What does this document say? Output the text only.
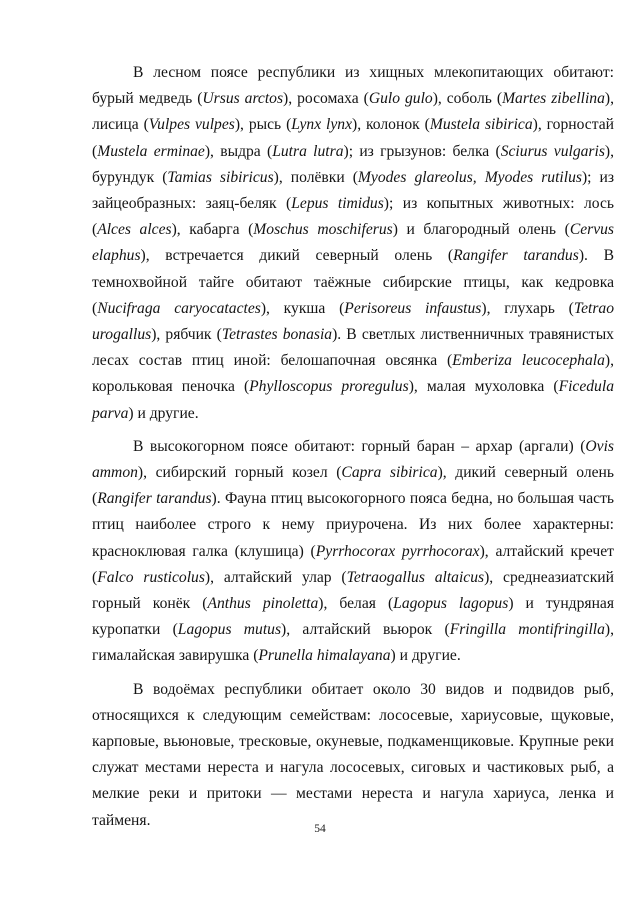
В лесном поясе республики из хищных млекопитающих обитают: бурый медведь (Ursus arctos), росомаха (Gulo gulo), соболь (Martes zibellina), лисица (Vulpes vulpes), рысь (Lynx lynx), колонок (Mustela sibirica), горностай (Mustela erminae), выдра (Lutra lutra); из грызунов: белка (Sciurus vulgaris), бурундук (Tamias sibiricus), полёвки (Myodes glareolus, Myodes rutilus); из зайцеобразных: заяц-беляк (Lepus timidus); из копытных животных: лось (Alces alces), кабарга (Moschus moschiferus) и благородный олень (Cervus elaphus), встречается дикий северный олень (Rangifer tarandus). В темнохвойной тайге обитают таёжные сибирские птицы, как кедровка (Nucifraga caryocatactes), кукша (Perisoreus infaustus), глухарь (Tetrao urogallus), рябчик (Tetrastes bonasia). В светлых лиственничных травянистых лесах состав птиц иной: белошапочная овсянка (Emberiza leucocephala), корольковая пеночка (Phylloscopus proregulus), малая мухоловка (Ficedula parva) и другие.

В высокогорном поясе обитают: горный баран – архар (аргали) (Ovis ammon), сибирский горный козел (Capra sibirica), дикий северный олень (Rangifer tarandus). Фауна птиц высокогорного пояса бедна, но большая часть птиц наиболее строго к нему приурочена. Из них более характерны: красноклювая галка (клушица) (Pyrrhocorax pyrrhocorax), алтайский кречет (Falco rusticolus), алтайский улар (Tetraogallus altaicus), среднеазиатский горный конёк (Anthus pinoletta), белая (Lagopus lagopus) и тундряная куропатки (Lagopus mutus), алтайский вьюрок (Fringilla montifringilla), гималайская завирушка (Prunella himalayana) и другие.

В водоёмах республики обитает около 30 видов и подвидов рыб, относящихся к следующим семействам: лососевые, хариусовые, щуковые, карповые, вьюновые, тресковые, окуневые, подкаменщиковые. Крупные реки служат местами нереста и нагула лососевых, сиговых и частиковых рыб, а мелкие реки и притоки — местами нереста и нагула хариуса, ленка и тайменя.

54
